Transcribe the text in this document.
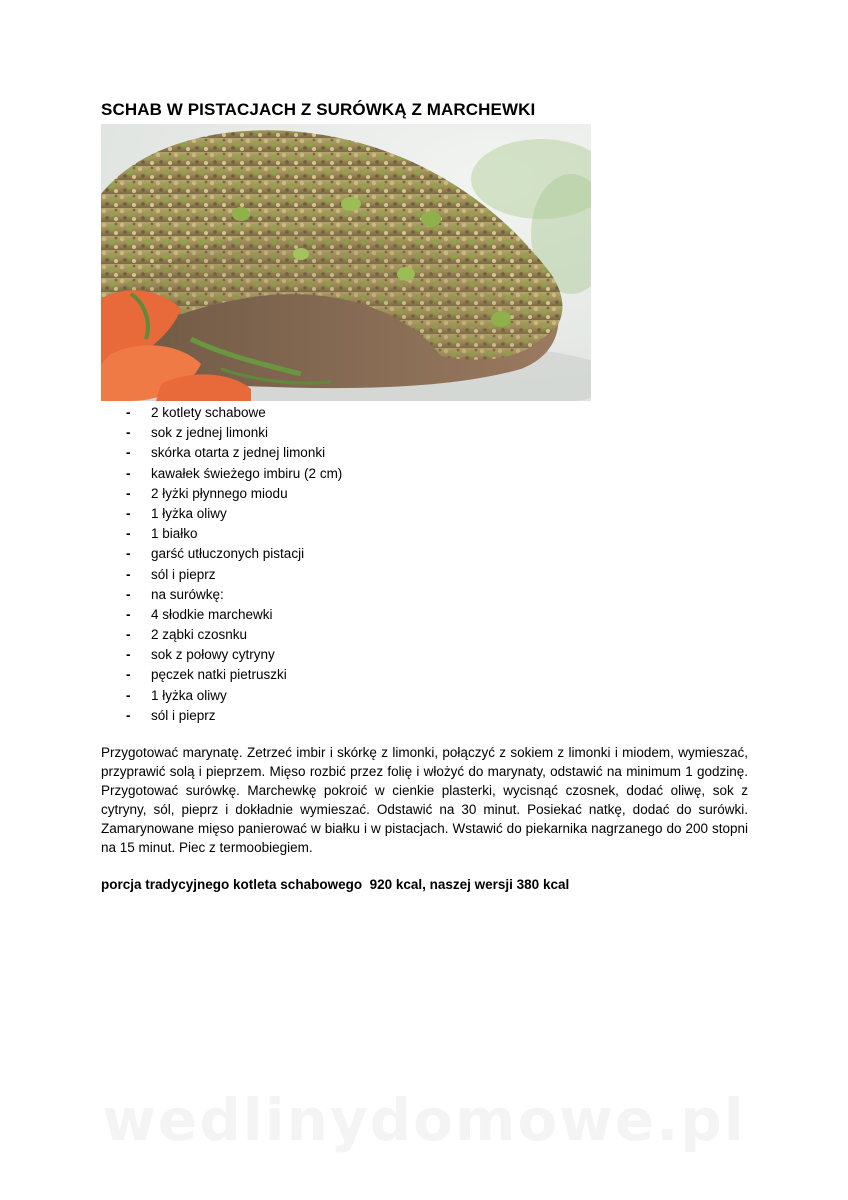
SCHAB W PISTACJACH Z SURÓWKĄ Z MARCHEWKI
- 2 kotlety schabowe
- sok z jednej limonki
- skórka otarta z jednej limonki
- kawałek świeżego imbiru (2 cm)
- 2 łyżki płynnego miodu
- 1 łyżka oliwy
- 1 białko
- garść utłuczonych pistacji
- sól i pieprz
- na surówkę:
- 4 słodkie marchewki
- 2 ząbki czosnku
- sok z połowy cytryny
- pęczek natki pietruszki
- 1 łyżka oliwy
- sól i pieprz

Przygotować marynatę. Zetrzeć imbir i skórkę z limonki, połączyć z sokiem z limonki i miodem, wymieszać, przyprawić solą i pieprzem. Mięso rozbić przez folię i włożyć do marynaty, odstawić na minimum 1 godzinę. Przygotować surówkę. Marchewkę pokroić w cienkie plasterki, wycisnąć czosnek, dodać oliwę, sok z cytryny, sól, pieprz i dokładnie wymieszać. Odstawić na 30 minut. Posiekać natkę, dodać do surówki. Zamarynowane mięso panierować w białku i w pistacjach. Wstawić do piekarnika nagrzanego do 200 stopni na 15 minut. Piec z termoobiegiem.

porcja tradycyjnego kotleta schabowego  920 kcal, naszej wersji 380 kcal
wedlinydomowe.pl
